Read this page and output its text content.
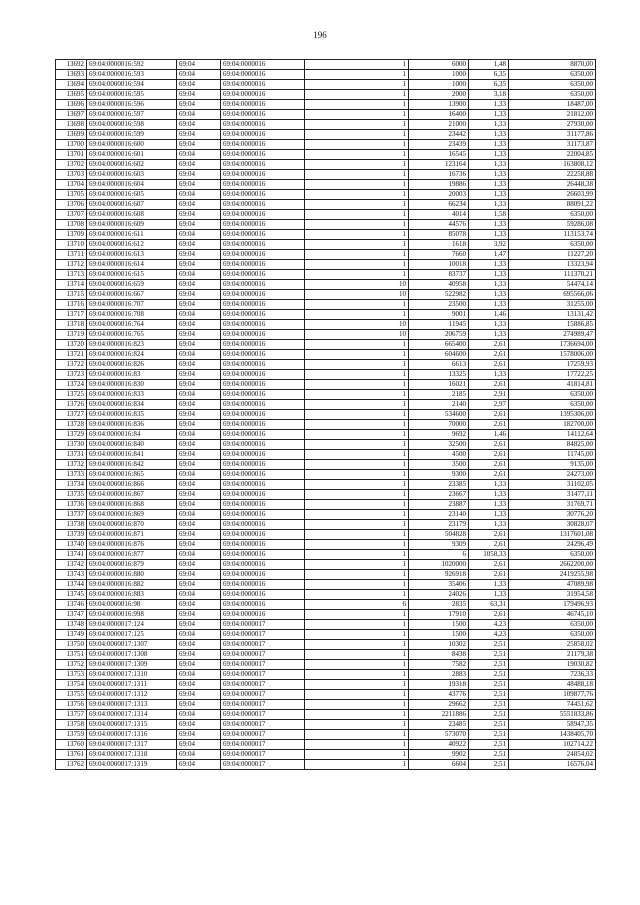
196
13692	69:04:0000016:592	69:04	69:04:0000016	1	6000	1,48	8870,00
13693	69:04:0000016:593	69:04	69:04:0000016	1	1000	6,35	6350,00
13694	69:04:0000016:594	69:04	69:04:0000016	1	1000	6,35	6350,00
13695	69:04:0000016:595	69:04	69:04:0000016	1	2000	3,18	6350,00
13696	69:04:0000016:596	69:04	69:04:0000016	1	13900	1,33	18487,00
13697	69:04:0000016:597	69:04	69:04:0000016	1	16400	1,33	21812,00
13698	69:04:0000016:598	69:04	69:04:0000016	1	21000	1,33	27930,00
13699	69:04:0000016:599	69:04	69:04:0000016	1	23442	1,33	31177,86
13700	69:04:0000016:600	69:04	69:04:0000016	1	23439	1,33	31173,87
13701	69:04:0000016:601	69:04	69:04:0000016	1	16545	1,33	22004,85
13702	69:04:0000016:602	69:04	69:04:0000016	1	123164	1,33	163808,12
13703	69:04:0000016:603	69:04	69:04:0000016	1	16736	1,33	22258,88
13704	69:04:0000016:604	69:04	69:04:0000016	1	19886	1,33	26448,38
13705	69:04:0000016:605	69:04	69:04:0000016	1	20003	1,33	26603,99
13706	69:04:0000016:607	69:04	69:04:0000016	1	66234	1,33	88091,22
13707	69:04:0000016:608	69:04	69:04:0000016	1	4014	1,58	6350,00
13708	69:04:0000016:609	69:04	69:04:0000016	1	44576	1,33	59286,08
13709	69:04:0000016:611	69:04	69:04:0000016	1	85078	1,33	113153,74
13710	69:04:0000016:612	69:04	69:04:0000016	1	1618	3,92	6350,00
13711	69:04:0000016:613	69:04	69:04:0000016	1	7660	1,47	11227,20
13712	69:04:0000016:614	69:04	69:04:0000016	1	10018	1,33	13323,94
13713	69:04:0000016:615	69:04	69:04:0000016	1	83737	1,33	111370,21
13714	69:04:0000016:659	69:04	69:04:0000016	10	40958	1,33	54474,14
13715	69:04:0000016:667	69:04	69:04:0000016	10	522982	1,33	695566,06
13716	69:04:0000016:707	69:04	69:04:0000016	1	23500	1,33	31255,00
13717	69:04:0000016:708	69:04	69:04:0000016	1	9001	1,46	13131,42
13718	69:04:0000016:764	69:04	69:04:0000016	10	11945	1,33	15886,85
13719	69:04:0000016:765	69:04	69:04:0000016	10	206759	1,33	274989,47
13720	69:04:0000016:823	69:04	69:04:0000016	1	665400	2,61	1736694,00
13721	69:04:0000016:824	69:04	69:04:0000016	1	604600	2,61	1578006,00
13722	69:04:0000016:826	69:04	69:04:0000016	1	6613	2,61	17259,93
13723	69:04:0000016:83	69:04	69:04:0000016	1	13325	1,33	17722,25
13724	69:04:0000016:830	69:04	69:04:0000016	1	16021	2,61	41814,81
13725	69:04:0000016:833	69:04	69:04:0000016	1	2185	2,91	6350,00
13726	69:04:0000016:834	69:04	69:04:0000016	1	2140	2,97	6350,00
13727	69:04:0000016:835	69:04	69:04:0000016	1	534600	2,61	1395306,00
13728	69:04:0000016:836	69:04	69:04:0000016	1	70000	2,61	182700,00
13729	69:04:0000016:84	69:04	69:04:0000016	1	9692	1,46	14112,64
13730	69:04:0000016:840	69:04	69:04:0000016	1	32500	2,61	84825,00
13731	69:04:0000016:841	69:04	69:04:0000016	1	4500	2,61	11745,00
13732	69:04:0000016:842	69:04	69:04:0000016	1	3500	2,61	9135,00
13733	69:04:0000016:865	69:04	69:04:0000016	1	9300	2,61	24273,00
13734	69:04:0000016:866	69:04	69:04:0000016	1	23385	1,33	31102,05
13735	69:04:0000016:867	69:04	69:04:0000016	1	23667	1,33	31477,11
13736	69:04:0000016:868	69:04	69:04:0000016	1	23887	1,33	31769,71
13737	69:04:0000016:869	69:04	69:04:0000016	1	23140	1,33	30776,20
13738	69:04:0000016:870	69:04	69:04:0000016	1	23179	1,33	30828,07
13739	69:04:0000016:871	69:04	69:04:0000016	1	504828	2,61	1317601,08
13740	69:04:0000016:876	69:04	69:04:0000016	1	9309	2,61	24296,49
13741	69:04:0000016:877	69:04	69:04:0000016	1	6	1058,33	6350,00
13742	69:04:0000016:879	69:04	69:04:0000016	1	1020000	2,61	2662200,00
13743	69:04:0000016:880	69:04	69:04:0000016	1	926918	2,61	2419255,98
13744	69:04:0000016:882	69:04	69:04:0000016	1	35406	1,33	47089,98
13745	69:04:0000016:883	69:04	69:04:0000016	1	24026	1,33	31954,58
13746	69:04:0000016:98	69:04	69:04:0000016	6	2835	63,31	179496,93
13747	69:04:0000016:998	69:04	69:04:0000016	1	17910	2,61	46745,10
13748	69:04:0000017:124	69:04	69:04:0000017	1	1500	4,23	6350,00
13749	69:04:0000017:125	69:04	69:04:0000017	1	1500	4,23	6350,00
13750	69:04:0000017:1307	69:04	69:04:0000017	1	10302	2,51	25858,02
13751	69:04:0000017:1308	69:04	69:04:0000017	1	8438	2,51	21179,38
13752	69:04:0000017:1309	69:04	69:04:0000017	1	7582	2,51	19030,82
13753	69:04:0000017:1310	69:04	69:04:0000017	1	2883	2,51	7236,33
13754	69:04:0000017:1311	69:04	69:04:0000017	1	19318	2,51	48488,18
13755	69:04:0000017:1312	69:04	69:04:0000017	1	43776	2,51	109877,76
13756	69:04:0000017:1313	69:04	69:04:0000017	1	29662	2,51	74451,62
13757	69:04:0000017:1314	69:04	69:04:0000017	1	2211886	2,51	5551833,86
13758	69:04:0000017:1315	69:04	69:04:0000017	1	23485	2,51	58947,35
13759	69:04:0000017:1316	69:04	69:04:0000017	1	573070	2,51	1438405,70
13760	69:04:0000017:1317	69:04	69:04:0000017	1	40922	2,51	102714,22
13761	69:04:0000017:1318	69:04	69:04:0000017	1	9902	2,51	24854,02
13762	69:04:0000017:1319	69:04	69:04:0000017	1	6604	2,51	16576,04
